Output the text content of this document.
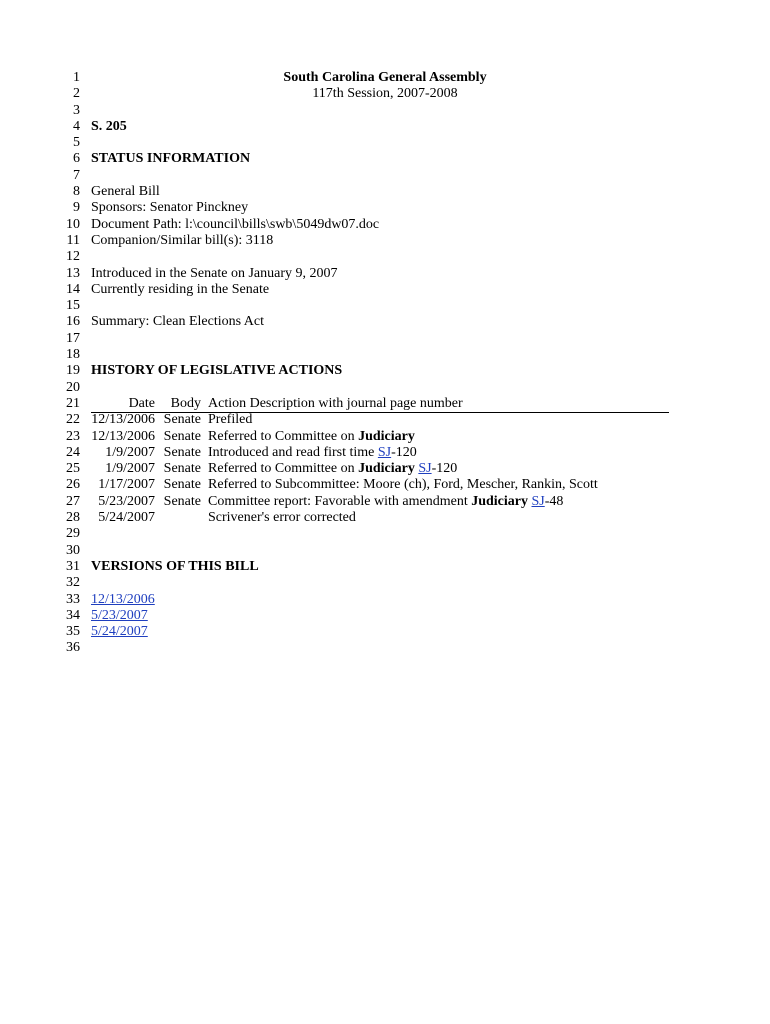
1	South Carolina General Assembly
2	117th Session, 2007-2008
3
4 S. 205
5
6 STATUS INFORMATION
7
8 General Bill
9 Sponsors: Senator Pinckney
10 Document Path: l:\council\bills\swb\5049dw07.doc
11 Companion/Similar bill(s): 3118
12
13 Introduced in the Senate on January 9, 2007
14 Currently residing in the Senate
15
16 Summary: Clean Elections Act
17
18
19 HISTORY OF LEGISLATIVE ACTIONS
20
21	Date Body Action Description with journal page number
22 12/13/2006 Senate Prefiled
23 12/13/2006 Senate Referred to Committee on Judiciary
24	1/9/2007 Senate Introduced and read first time SJ-120
25	1/9/2007 Senate Referred to Committee on Judiciary SJ-120
26	1/17/2007 Senate Referred to Subcommittee: Moore (ch), Ford, Mescher, Rankin, Scott
27	5/23/2007 Senate Committee report: Favorable with amendment Judiciary SJ-48
28	5/24/2007	Scrivener's error corrected
29
30
31 VERSIONS OF THIS BILL
32
33 12/13/2006
34 5/23/2007
35 5/24/2007
36
